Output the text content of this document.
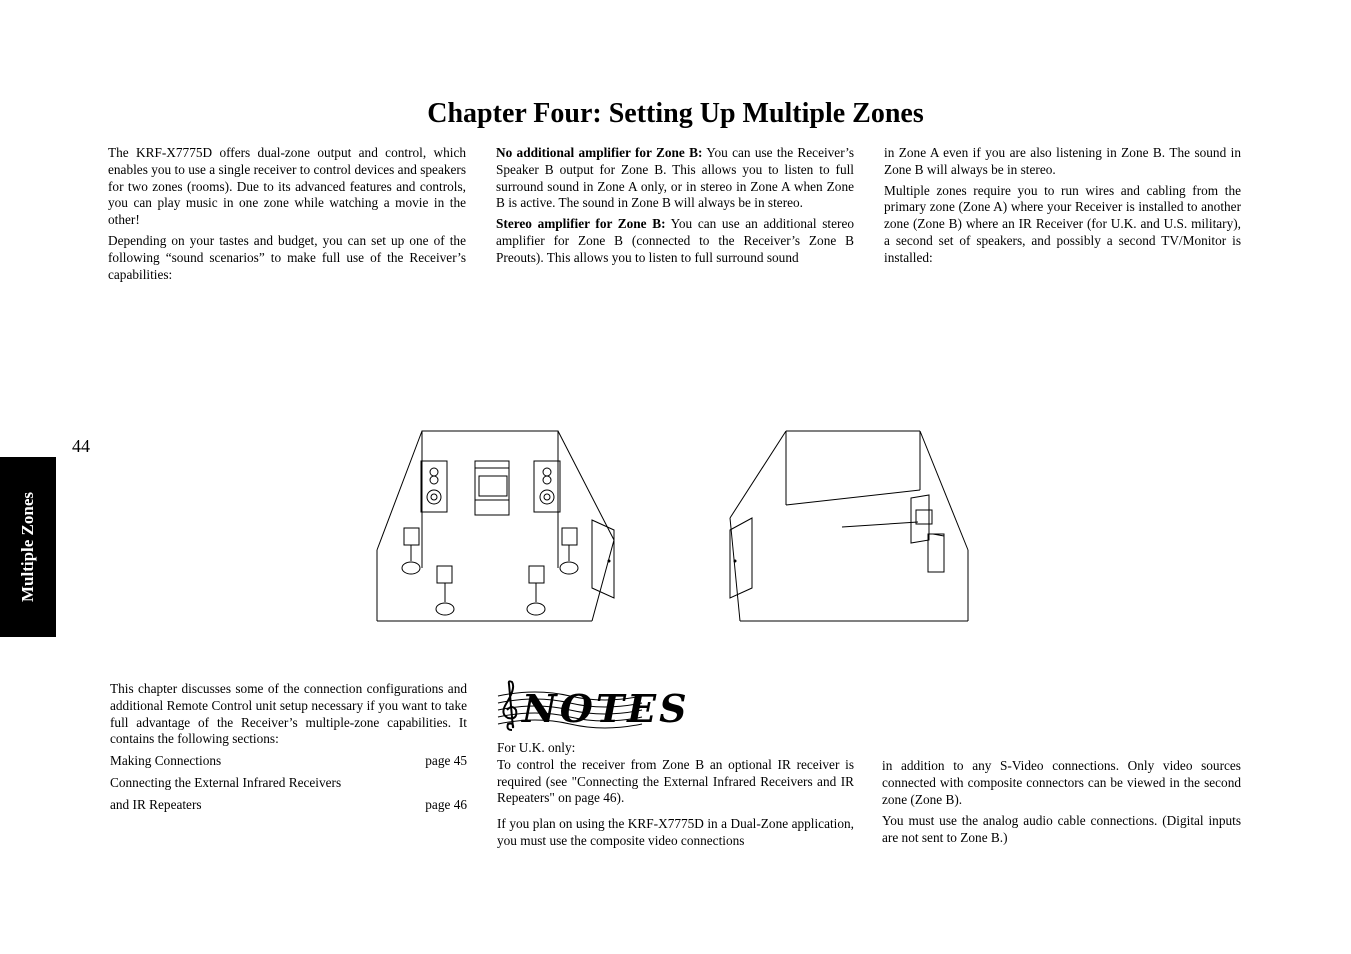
Chapter Four: Setting Up Multiple Zones

The KRF-X7775D offers dual-zone output and control, which enables you to use a single receiver to control devices and speakers for two zones (rooms). Due to its advanced features and controls, you can play music in one zone while watching a movie in the other!

Depending on your tastes and budget, you can set up one of the following “sound scenarios” to make full use of the Receiver’s capabilities:

No additional amplifier for Zone B: You can use the Receiver’s Speaker B output for Zone B. This allows you to listen to full surround sound in Zone A only, or in stereo in Zone A when Zone B is active. The sound in Zone B will always be in stereo.

Stereo amplifier for Zone B: You can use an additional stereo amplifier for Zone B (connected to the Receiver’s Zone B Preouts). This allows you to listen to full surround sound

in Zone A even if you are also listening in Zone B. The sound in Zone B will always be in stereo.

Multiple zones require you to run wires and cabling from the primary zone (Zone A) where your Receiver is installed to another zone (Zone B) where an IR Receiver (for U.K. and U.S. military), a second set of speakers, and possibly a second TV/Monitor is installed:

44
Multiple Zones

This chapter discusses some of the connection configurations and additional Remote Control unit setup necessary if you want to take full advantage of the Receiver’s multiple-zone capabilities. It contains the following sections:

Making Connections	page 45
Connecting the External Infrared Receivers
and IR Repeaters	page 46
NOTES

For U.K. only:

To control the receiver from Zone B an optional IR receiver is required (see "Connecting the External Infrared Receivers and IR Repeaters" on page 46).

If you plan on using the KRF-X7775D in a Dual-Zone application, you must use the composite video connections

in addition to any S-Video connections. Only video sources connected with composite connectors can be viewed in the second zone (Zone B).

You must use the analog audio cable connections. (Digital inputs are not sent to Zone B.)
